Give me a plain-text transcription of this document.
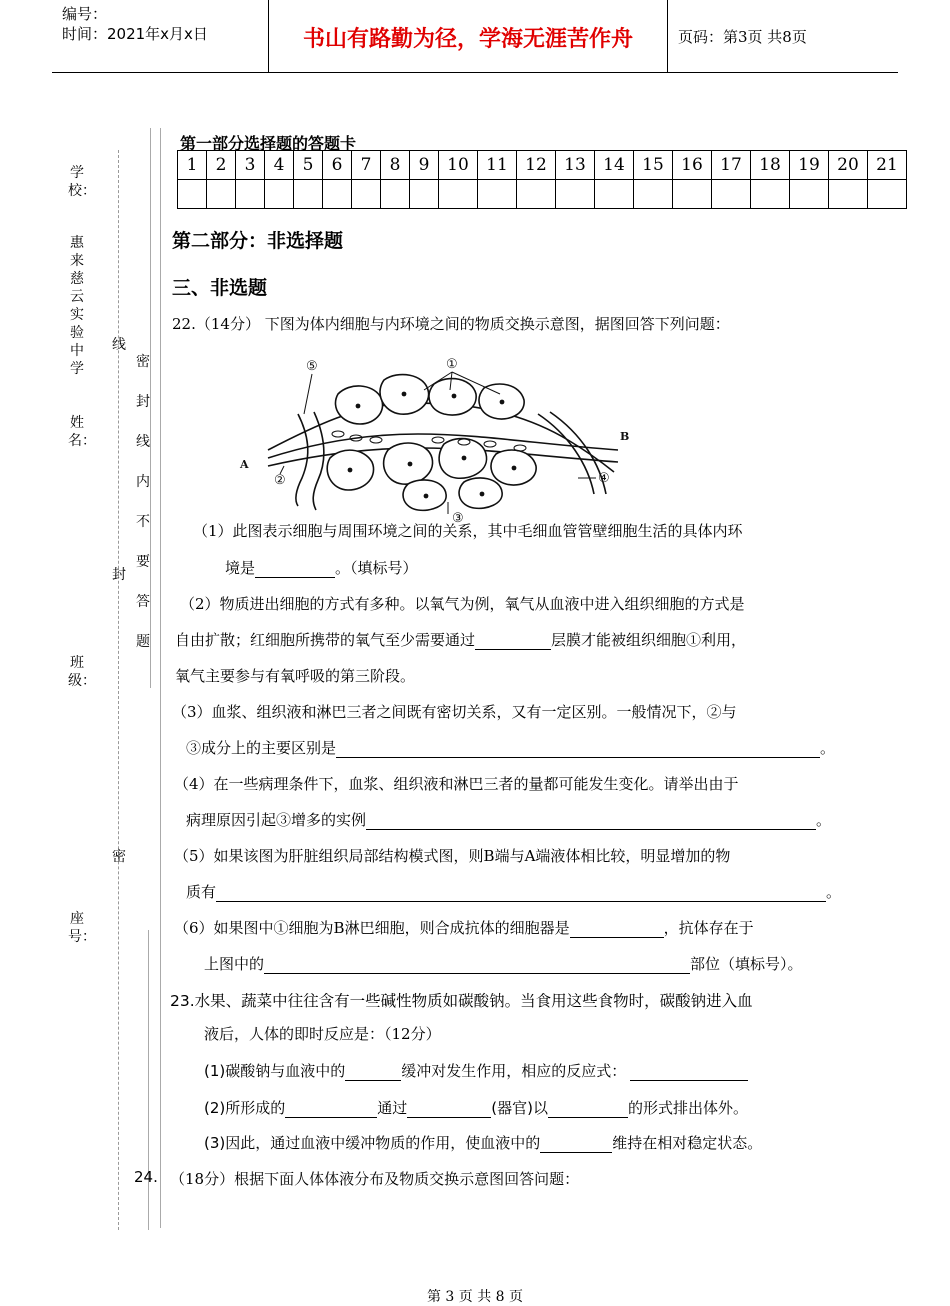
编号：
时间：2021年x月x日	书山有路勤为径，学海无涯苦作舟	页码：第3页 共8页
学校：
惠来慈云实验中学
姓名：
班级：
座号：
线
封
密
密封线内不要答题
第一部分选择题的答题卡
1	2	3	4	5	6	7	8	9	10	11	12	13	14	15	16	17	18	19	20	21

第二部分：非选择题
三、非选题
22.（14分） 下图为体内细胞与内环境之间的物质交换示意图，据图回答下列问题：
①
②
③
④
⑤
A
B
（1）此图表示细胞与周围环境之间的关系，其中毛细血管管壁细胞生活的具体内环
境是	。（填标号）
（2）物质进出细胞的方式有多种。以氧气为例，氧气从血液中进入组织细胞的方式是
自由扩散；红细胞所携带的氧气至少需要通过	层膜才能被组织细胞①利用，
氧气主要参与有氧呼吸的第三阶段。
（3）血浆、组织液和淋巴三者之间既有密切关系，又有一定区别。一般情况下，②与
③成分上的主要区别是	。
（4）在一些病理条件下，血浆、组织液和淋巴三者的量都可能发生变化。请举出由于
病理原因引起③增多的实例	。
（5）如果该图为肝脏组织局部结构模式图，则B端与A端液体相比较，明显增加的物
质有	。
（6）如果图中①细胞为B淋巴细胞，则合成抗体的细胞器是	，抗体存在于
上图中的	部位（填标号）。
23.水果、蔬菜中往往含有一些碱性物质如碳酸钠。当食用这些食物时，碳酸钠进入血
液后，人体的即时反应是：（12分）
(1)碳酸钠与血液中的	缓冲对发生作用，相应的反应式：
(2)所形成的	通过	(器官)以	的形式排出体外。
(3)因此，通过血液中缓冲物质的作用，使血液中的	维持在相对稳定状态。
24. （18分）根据下面人体体液分布及物质交换示意图回答问题：
第 3 页 共 8 页
